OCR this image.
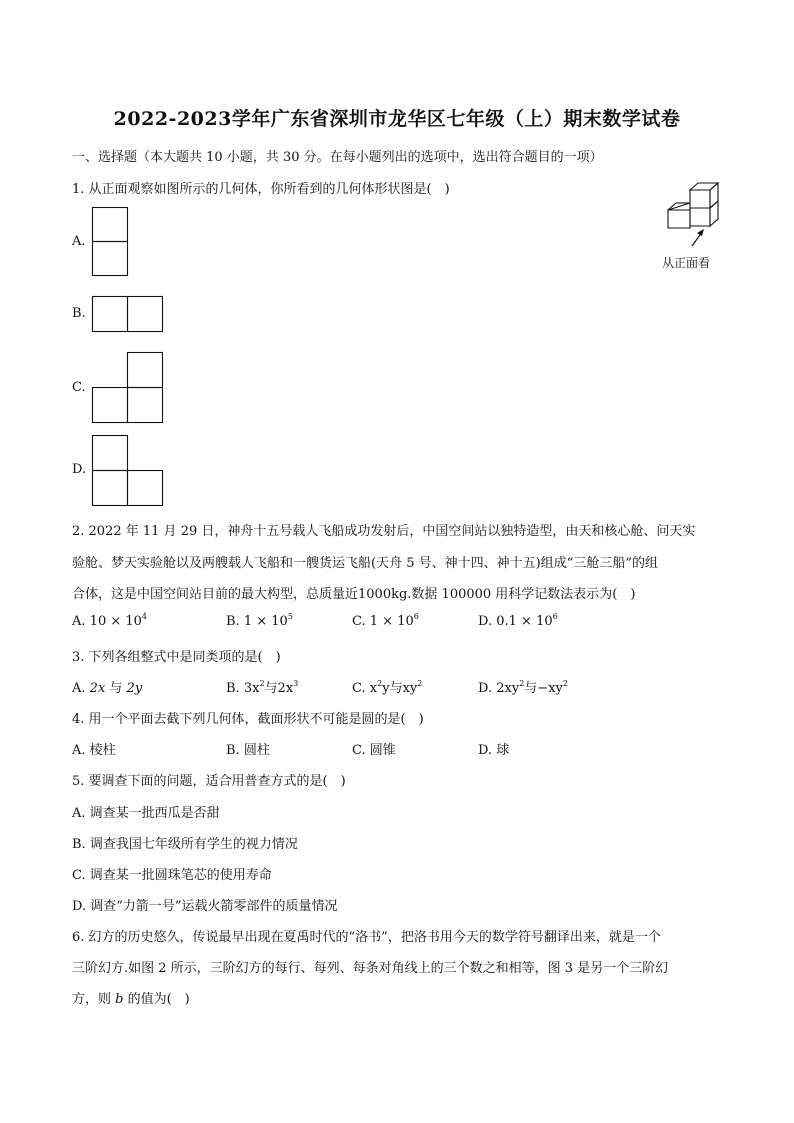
2022-2023学年广东省深圳市龙华区七年级（上）期末数学试卷
一、选择题（本大题共 10 小题，共 30 分。在每小题列出的选项中，选出符合题目的一项）
1. 从正面观察如图所示的几何体，你所看到的几何体形状图是(　)
从正面看
A.
B.
C.
D.
2. 2022 年 11 月 29 日，神舟十五号载人飞船成功发射后，中国空间站以独特造型，由天和核心舱、问天实
验舱、梦天实验舱以及两艘载人飞船和一艘货运飞船(天舟 5 号、神十四、神十五)组成“三舱三船”的组
合体，这是中国空间站目前的最大构型，总质量近1000kg.数据 100000 用科学记数法表示为(　)
A. $10 \times 10^4$	B. $1 \times 10^5$	C. $1 \times 10^6$	D. $0.1 \times 10^6$
3. 下列各组整式中是同类项的是(　)
A. 2x 与 2y	B. $3x^2$与$2x^3$	C. $x^2y$与$xy^2$	D. $2xy^2$与$-xy^2$
4. 用一个平面去截下列几何体，截面形状不可能是圆的是(　)
A. 棱柱	B. 圆柱	C. 圆锥	D. 球
5. 要调查下面的问题，适合用普查方式的是(　)
A. 调查某一批西瓜是否甜
B. 调查我国七年级所有学生的视力情况
C. 调查某一批圆珠笔芯的使用寿命
D. 调查“力箭一号”运载火箭零部件的质量情况
6. 幻方的历史悠久，传说最早出现在夏禹时代的“洛书”，把洛书用今天的数学符号翻译出来，就是一个
三阶幻方.如图 2 所示，三阶幻方的每行、每列、每条对角线上的三个数之和相等，图 3 是另一个三阶幻
方，则 b 的值为(　)
